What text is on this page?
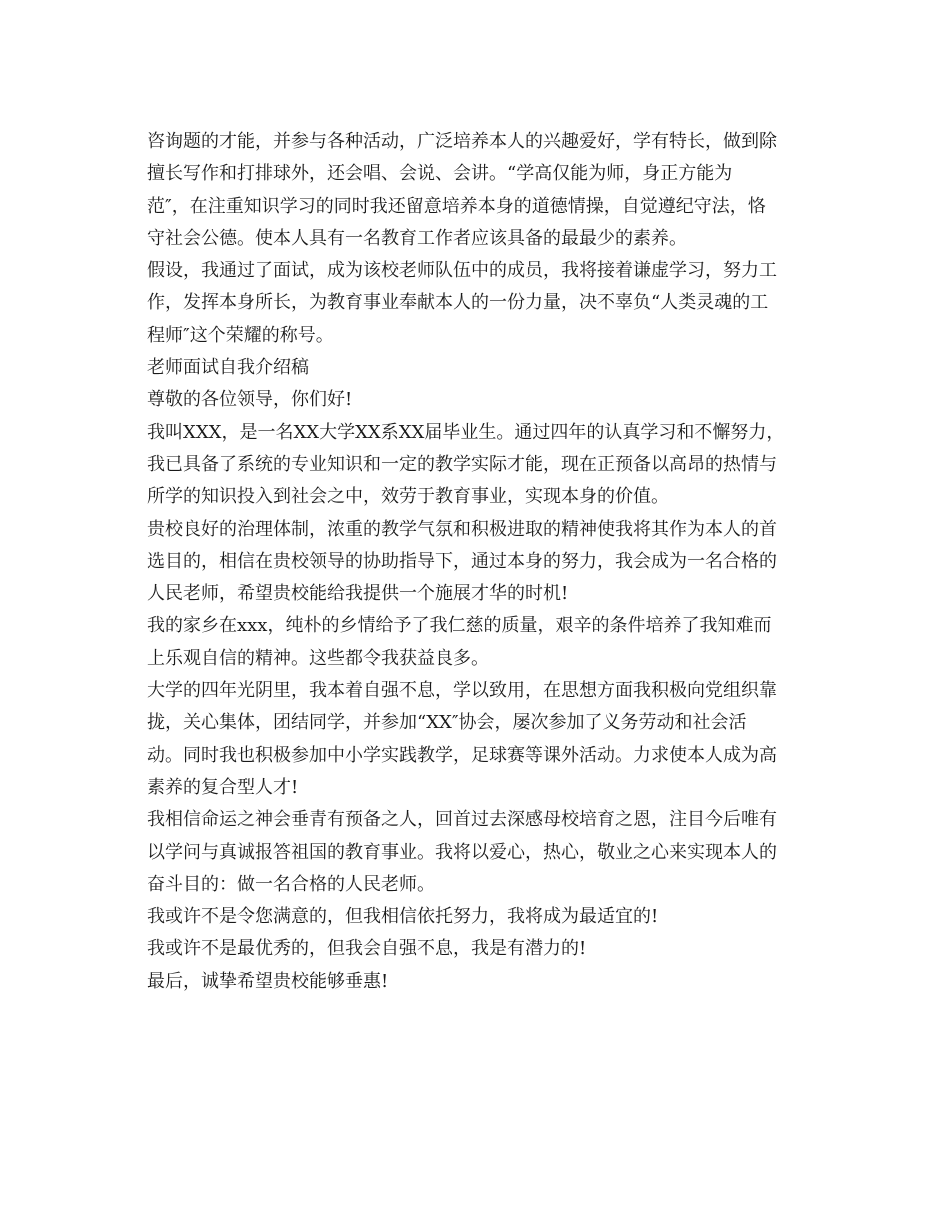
咨询题的才能，并参与各种活动，广泛培养本人的兴趣爱好，学有特长，做到除
擅长写作和打排球外，还会唱、会说、会讲。“学高仅能为师，身正方能为
范″，在注重知识学习的同时我还留意培养本身的道德情操，自觉遵纪守法，恪
守社会公德。使本人具有一名教育工作者应该具备的最最少的素养。
假设，我通过了面试，成为该校老师队伍中的成员，我将接着谦虚学习，努力工
作，发挥本身所长，为教育事业奉献本人的一份力量，决不辜负“人类灵魂的工
程师″这个荣耀的称号。
老师面试自我介绍稿
尊敬的各位领导，你们好!
我叫XXX，是一名XX大学XX系XX届毕业生。通过四年的认真学习和不懈努力，
我已具备了系统的专业知识和一定的教学实际才能，现在正预备以高昂的热情与
所学的知识投入到社会之中，效劳于教育事业，实现本身的价值。
贵校良好的治理体制，浓重的教学气氛和积极进取的精神使我将其作为本人的首
选目的，相信在贵校领导的协助指导下，通过本身的努力，我会成为一名合格的
人民老师，希望贵校能给我提供一个施展才华的时机!
我的家乡在xxx，纯朴的乡情给予了我仁慈的质量，艰辛的条件培养了我知难而
上乐观自信的精神。这些都令我获益良多。
大学的四年光阴里，我本着自强不息，学以致用，在思想方面我积极向党组织靠
拢，关心集体，团结同学，并参加“XX″协会，屡次参加了义务劳动和社会活
动。同时我也积极参加中小学实践教学，足球赛等课外活动。力求使本人成为高
素养的复合型人才!
我相信命运之神会垂青有预备之人，回首过去深感母校培育之恩，注目今后唯有
以学问与真诚报答祖国的教育事业。我将以爱心，热心，敬业之心来实现本人的
奋斗目的：做一名合格的人民老师。
我或许不是令您满意的，但我相信依托努力，我将成为最适宜的!
我或许不是最优秀的，但我会自强不息，我是有潜力的!
最后，诚挚希望贵校能够垂惠!
